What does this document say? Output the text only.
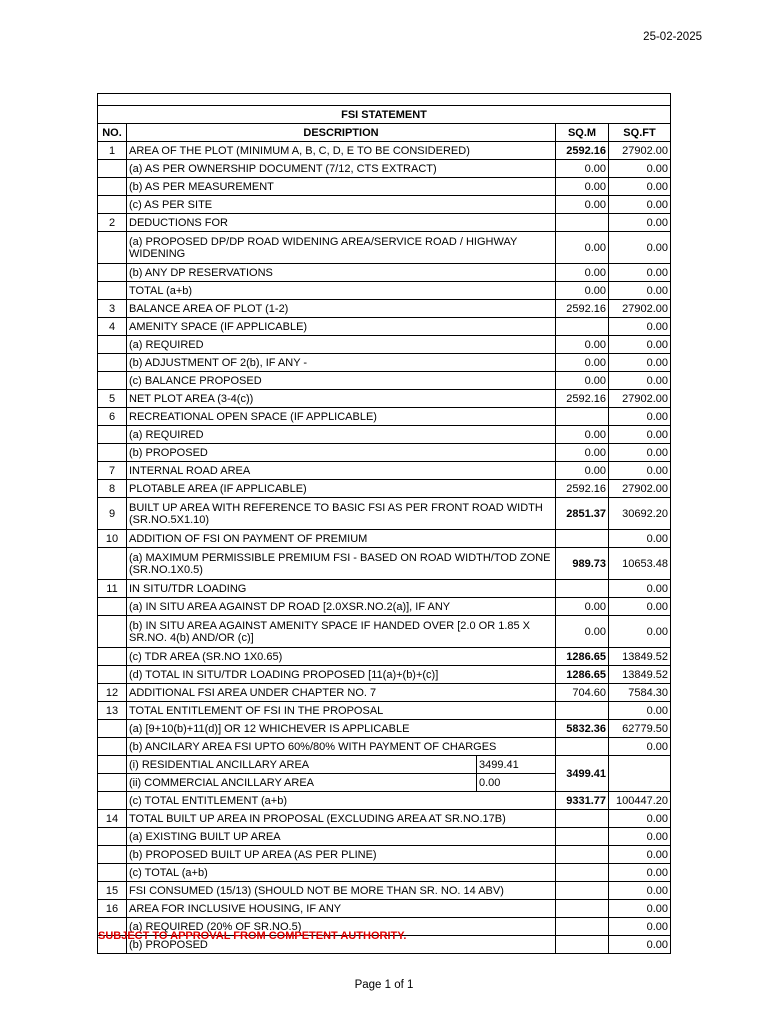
25-02-2025

FSI STATEMENT				
NO.	DESCRIPTION		SQ.M	SQ.FT
1	AREA OF THE PLOT (MINIMUM A, B, C, D, E TO BE CONSIDERED)		2592.16	27902.00
	(a) AS PER OWNERSHIP DOCUMENT (7/12, CTS EXTRACT)		0.00	0.00
	(b) AS PER MEASUREMENT		0.00	0.00
	(c) AS PER SITE		0.00	0.00
2	DEDUCTIONS FOR			0.00
	(a) PROPOSED DP/DP ROAD WIDENING AREA/SERVICE ROAD / HIGHWAY WIDENING		0.00	0.00
	(b) ANY DP RESERVATIONS		0.00	0.00
	TOTAL (a+b)		0.00	0.00
3	BALANCE AREA OF PLOT (1-2)		2592.16	27902.00
4	AMENITY SPACE (IF APPLICABLE)			0.00
	(a) REQUIRED		0.00	0.00
	(b) ADJUSTMENT OF 2(b), IF ANY -		0.00	0.00
	(c) BALANCE PROPOSED		0.00	0.00
5	NET PLOT AREA (3-4(c))		2592.16	27902.00
6	RECREATIONAL OPEN SPACE (IF APPLICABLE)			0.00
	(a) REQUIRED		0.00	0.00
	(b) PROPOSED		0.00	0.00
7	INTERNAL ROAD AREA		0.00	0.00
8	PLOTABLE AREA (IF APPLICABLE)		2592.16	27902.00
9	BUILT UP AREA WITH REFERENCE TO BASIC FSI AS PER FRONT ROAD WIDTH (SR.NO.5X1.10)		2851.37	30692.20
10	ADDITION OF FSI ON PAYMENT OF PREMIUM			0.00
	(a) MAXIMUM PERMISSIBLE PREMIUM FSI - BASED ON ROAD WIDTH/TOD ZONE (SR.NO.1X0.5)		989.73	10653.48
11	IN SITU/TDR LOADING			0.00
	(a) IN SITU AREA AGAINST DP ROAD [2.0XSR.NO.2(a)], IF ANY		0.00	0.00
	(b) IN SITU AREA AGAINST AMENITY SPACE IF HANDED OVER [2.0 OR 1.85 X SR.NO. 4(b) AND/OR (c)]		0.00	0.00
	(c) TDR AREA (SR.NO 1X0.65)		1286.65	13849.52
	(d) TOTAL IN SITU/TDR LOADING PROPOSED [11(a)+(b)+(c)]		1286.65	13849.52
12	ADDITIONAL FSI AREA UNDER CHAPTER NO. 7		704.60	7584.30
13	TOTAL ENTITLEMENT OF FSI IN THE PROPOSAL			0.00
	(a) [9+10(b)+11(d)] OR 12 WHICHEVER IS APPLICABLE		5832.36	62779.50
	(b) ANCILARY AREA FSI UPTO 60%/80% WITH PAYMENT OF CHARGES			0.00
	(i) RESIDENTIAL ANCILLARY AREA	3499.41	3499.41	
	(ii) COMMERCIAL ANCILLARY AREA	0.00		
	(c) TOTAL ENTITLEMENT (a+b)		9331.77	100447.20
14	TOTAL BUILT UP AREA IN PROPOSAL (EXCLUDING AREA AT SR.NO.17B)			0.00
	(a) EXISTING BUILT UP AREA			0.00
	(b) PROPOSED BUILT UP AREA (AS PER PLINE)			0.00
	(c) TOTAL (a+b)			0.00
15	FSI CONSUMED (15/13) (SHOULD NOT BE MORE THAN SR. NO. 14 ABV)			0.00
16	AREA FOR INCLUSIVE HOUSING, IF ANY			0.00
	(a) REQUIRED (20% OF SR.NO.5)			0.00
	(b) PROPOSED			0.00
SUBJECT TO APPROVAL FROM COMPETENT AUTHORITY.
Page 1 of 1
